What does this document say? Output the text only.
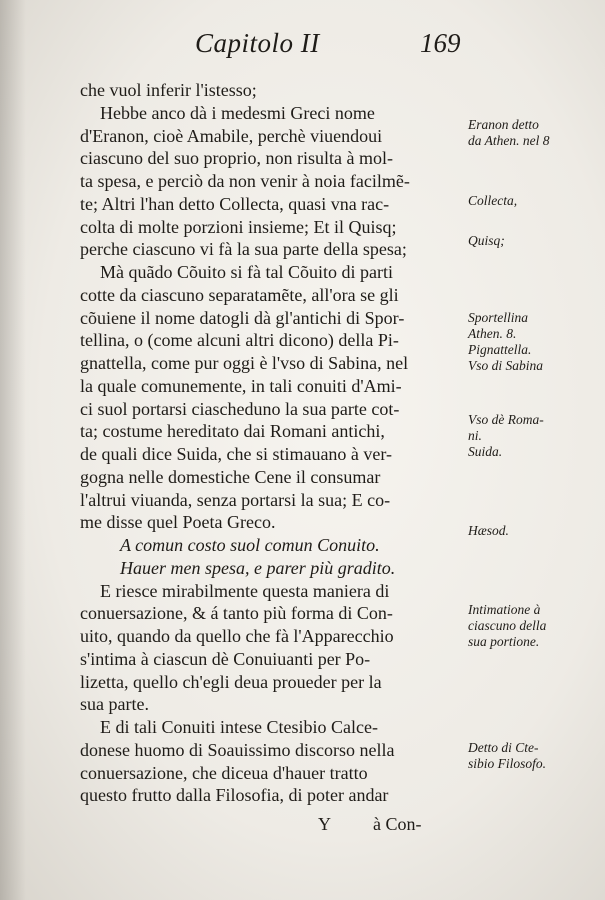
Capitolo II	169
che vuol inferir l'istesso;
Hebbe anco dà i medesmi Greci nome
d'Eranon, cioè Amabile, perchè viuendoui
ciascuno del suo proprio, non risulta à mol-
ta spesa, e perciò da non venir à noia facilmẽ-
te; Altri l'han detto Collecta, quasi vna rac-
colta di molte porzioni insieme; Et il Quisq;
perche ciascuno vi fà la sua parte della spesa;
Mà quãdo Cõuito si fà tal Cõuito di parti
cotte da ciascuno separatamẽte, all'ora se gli
cõuiene il nome datogli dà gl'antichi di Spor-
tellina, o (come alcuni altri dicono) della Pi-
gnattella, come pur oggi è l'vso di Sabina, nel
la quale comunemente, in tali conuiti d'Ami-
ci suol portarsi ciascheduno la sua parte cot-
ta; costume hereditato dai Romani antichi,
de quali dice Suida, che si stimauano à ver-
gogna nelle domestiche Cene il consumar
l'altrui viuanda, senza portarsi la sua; E co-
me disse quel Poeta Greco.
A comun costo suol comun Conuito.
Hauer men spesa, e parer più gradito.
E riesce mirabilmente questa maniera di
conuersazione, & á tanto più forma di Con-
uito, quando da quello che fà l'Apparecchio
s'intima à ciascun dè Conuiuanti per Po-
lizetta, quello ch'egli deua proueder per la
sua parte.
E di tali Conuiti intese Ctesibio Calce-
donese huomo di Soauissimo discorso nella
conuersazione, che diceua d'hauer tratto
questo frutto dalla Filosofia, di poter andar
Eranon detto
da Athen. nel 8
Collecta,
Quisq;
Sportellina
Athen. 8.
Pignattella.
Vso di Sabina
Vso dè Roma-
ni.
Suida.
Hæsod.
Intimatione à
ciascuno della
sua portione.
Detto di Cte-
sibio Filosofo.
Y à Con-
